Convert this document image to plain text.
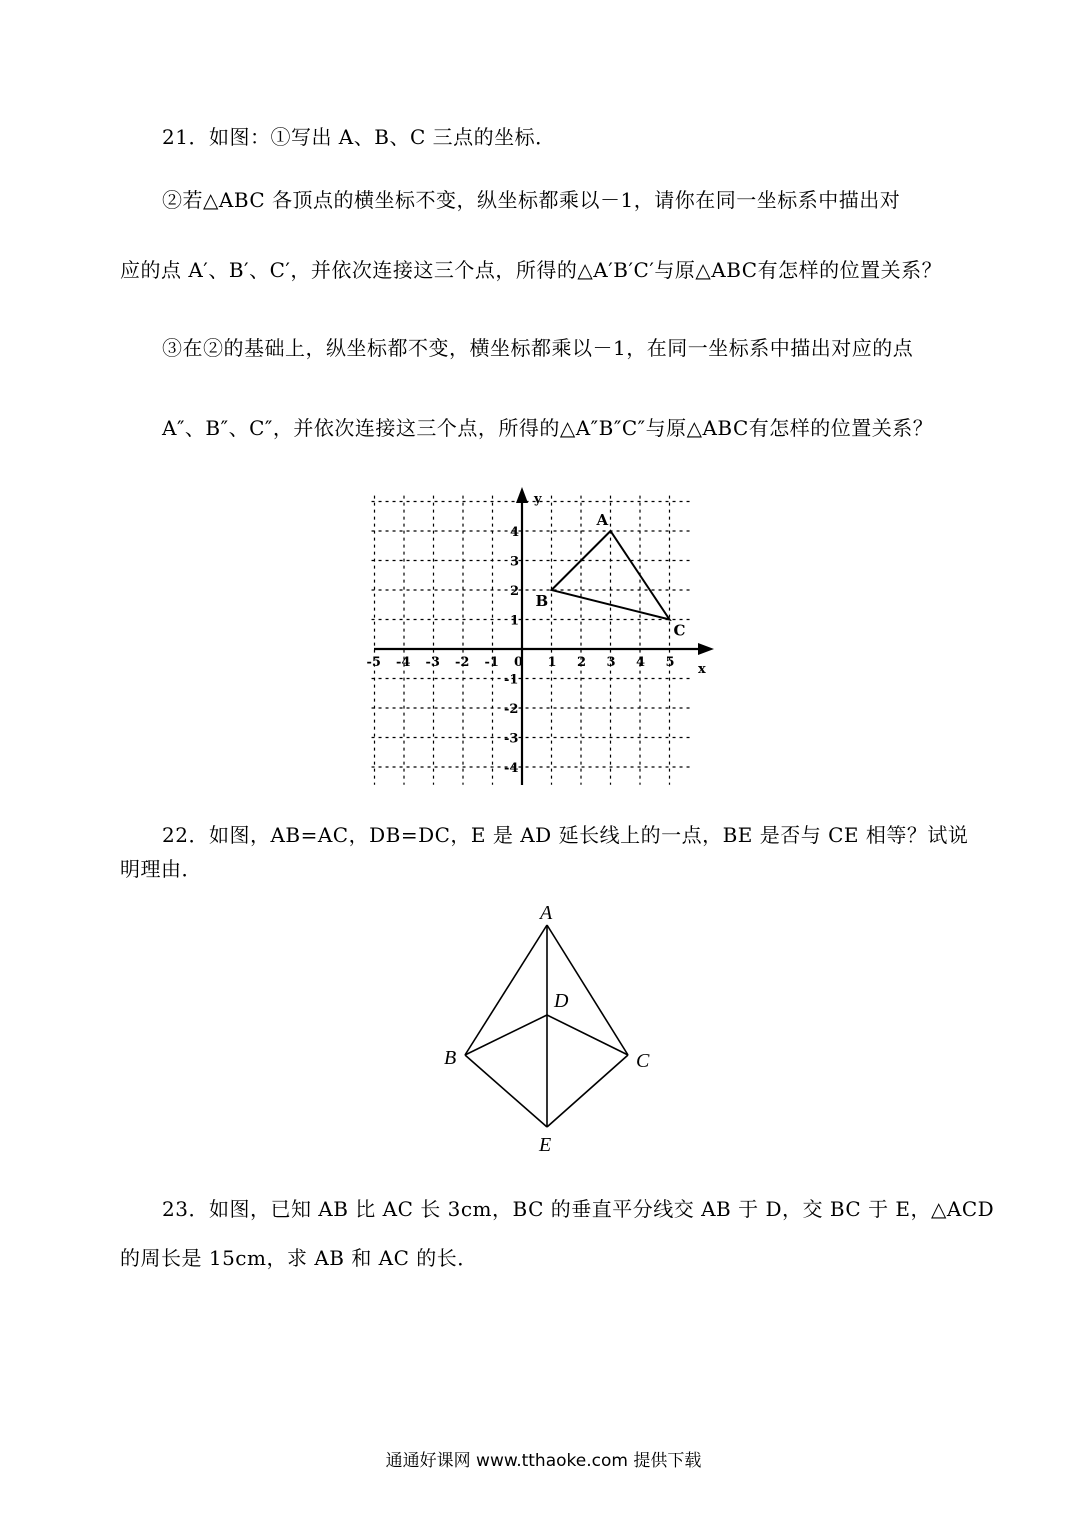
21．如图：①写出 A、B、C 三点的坐标．
②若△ABC 各顶点的横坐标不变，纵坐标都乘以－1，请你在同一坐标系中描出对
应的点 A′、B′、C′，并依次连接这三个点，所得的△A′B′C′与原△ABC有怎样的位置关系？
③在②的基础上，纵坐标都不变，横坐标都乘以－1，在同一坐标系中描出对应的点
A″、B″、C″，并依次连接这三个点，所得的△A″B″C″与原△ABC有怎样的位置关系？
x
y
0
-5 -4 -3 -2 -1	1 2 3 4 5
4
3
2
1
-1
-2
-3
-4
A
B
C
22．如图，AB=AC，DB=DC，E 是 AD 延长线上的一点，BE 是否与 CE 相等？试说
明理由．
A
D
B	C
E
23．如图，已知 AB 比 AC 长 3cm，BC 的垂直平分线交 AB 于 D，交 BC 于 E，△ACD
的周长是 15cm，求 AB 和 AC 的长．
通通好课网 www.tthaoke.com 提供下载
